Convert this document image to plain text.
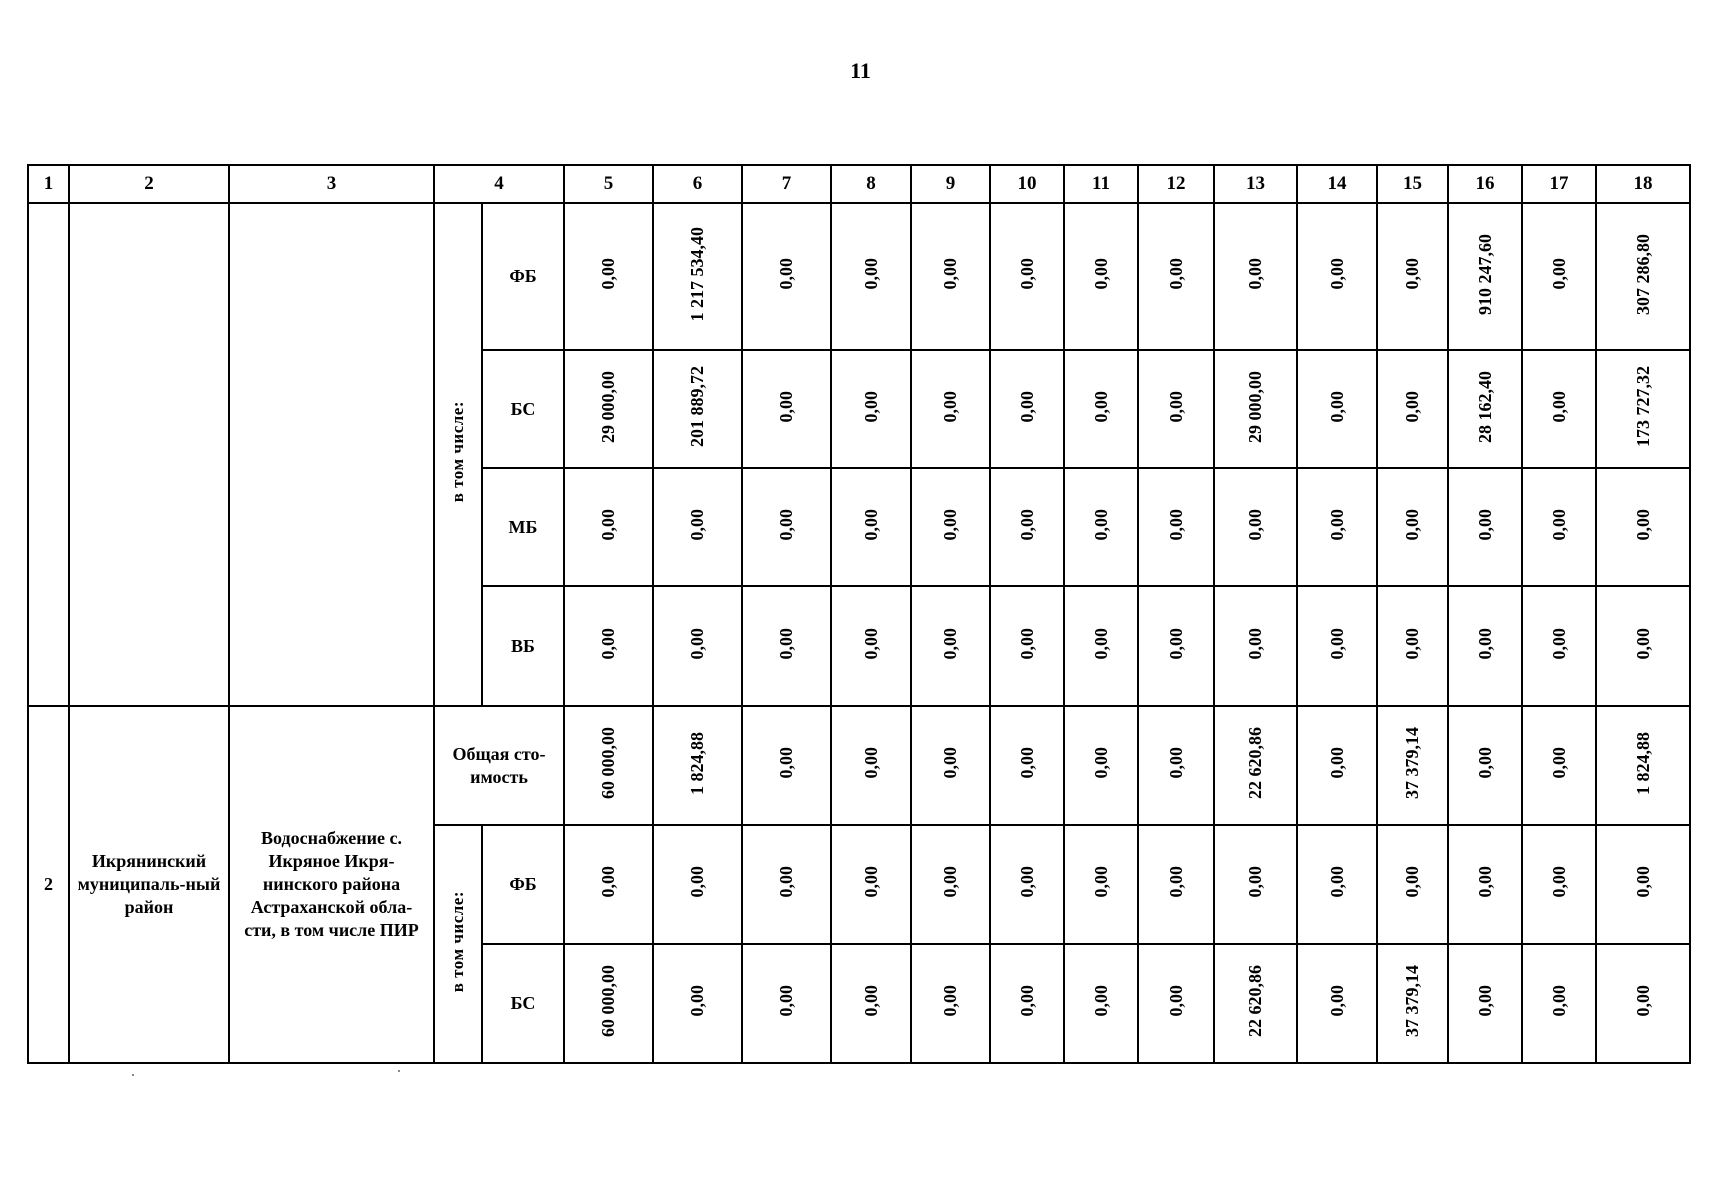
11
1	2	3	4		5	6	7	8	9	10	11	12	13	14	15	16	17	18
			в том числе:	ФБ	0,00	1 217 534,40	0,00	0,00	0,00	0,00	0,00	0,00	0,00	0,00	0,00	910 247,60	0,00	307 286,80
				БС	29 000,00	201 889,72	0,00	0,00	0,00	0,00	0,00	0,00	29 000,00	0,00	0,00	28 162,40	0,00	173 727,32
				МБ	0,00	0,00	0,00	0,00	0,00	0,00	0,00	0,00	0,00	0,00	0,00	0,00	0,00	0,00
				ВБ	0,00	0,00	0,00	0,00	0,00	0,00	0,00	0,00	0,00	0,00	0,00	0,00	0,00	0,00
2	Икрянинский муниципаль-ный район	Водоснабжение с. Икряное Икря-нинского района Астраханской обла-сти, в том числе ПИР	Общая сто-имость		60 000,00	1 824,88	0,00	0,00	0,00	0,00	0,00	0,00	22 620,86	0,00	37 379,14	0,00	0,00	1 824,88
			в том числе:	ФБ	0,00	0,00	0,00	0,00	0,00	0,00	0,00	0,00	0,00	0,00	0,00	0,00	0,00	0,00
				БС	60 000,00	0,00	0,00	0,00	0,00	0,00	0,00	0,00	22 620,86	0,00	37 379,14	0,00	0,00	0,00
